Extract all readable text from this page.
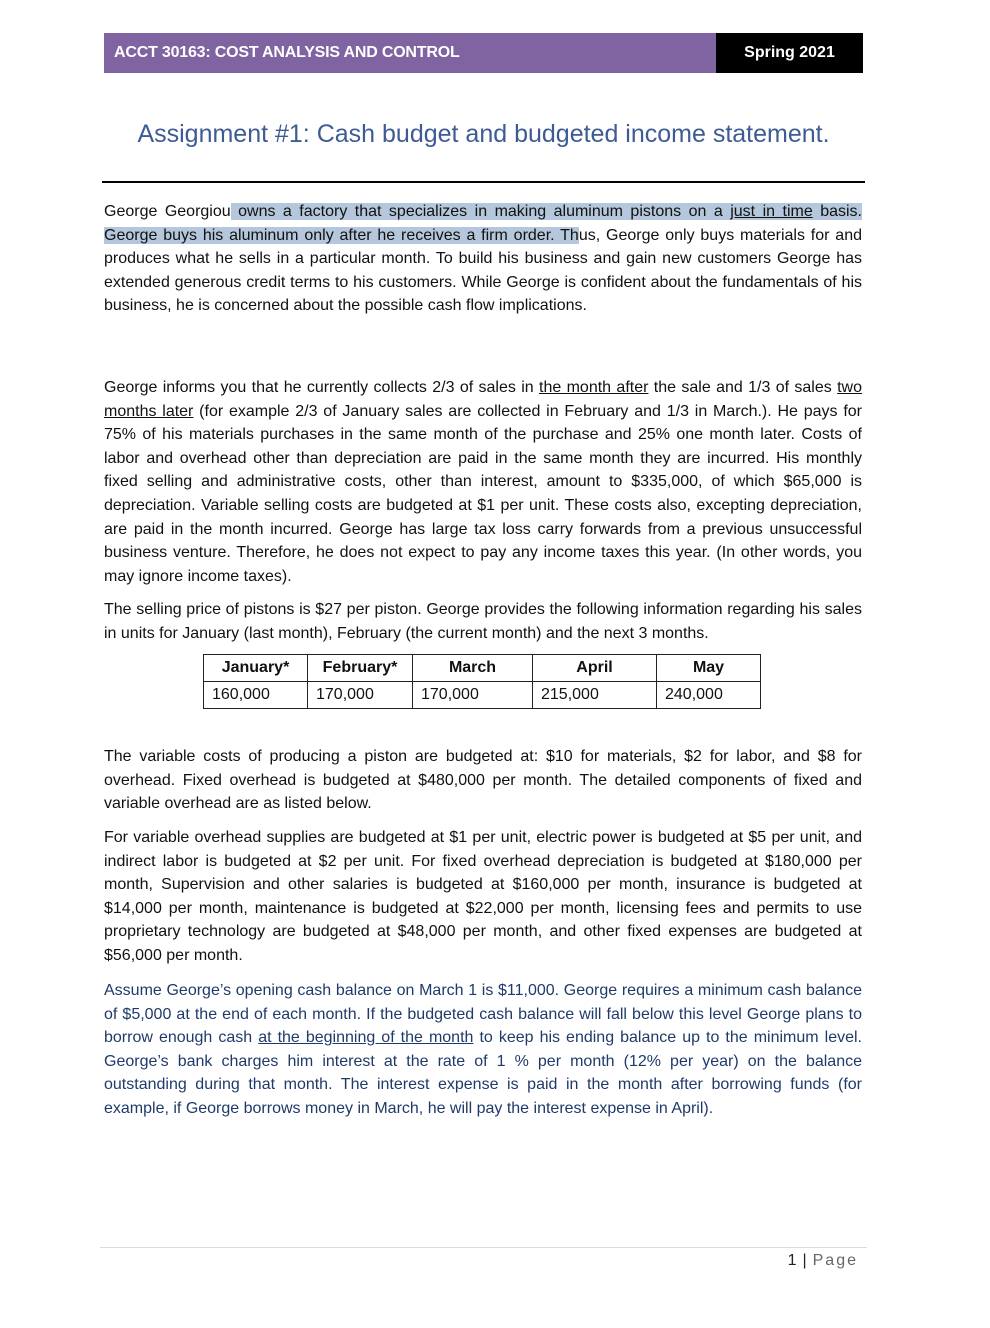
ACCT 30163: COST ANALYSIS AND CONTROL	Spring 2021
Assignment #1: Cash budget and budgeted income statement.

George Georgiou owns a factory that specializes in making aluminum pistons on a just in time basis. George buys his aluminum only after he receives a firm order. Thus, George only buys materials for and produces what he sells in a particular month. To build his business and gain new customers George has extended generous credit terms to his customers. While George is confident about the fundamentals of his business, he is concerned about the possible cash flow implications.

George informs you that he currently collects 2/3 of sales in the month after the sale and 1/3 of sales two months later (for example 2/3 of January sales are collected in February and 1/3 in March.). He pays for 75% of his materials purchases in the same month of the purchase and 25% one month later. Costs of labor and overhead other than depreciation are paid in the same month they are incurred. His monthly fixed selling and administrative costs, other than interest, amount to $335,000, of which $65,000 is depreciation. Variable selling costs are budgeted at $1 per unit. These costs also, excepting depreciation, are paid in the month incurred. George has large tax loss carry forwards from a previous unsuccessful business venture. Therefore, he does not expect to pay any income taxes this year. (In other words, you may ignore income taxes).

The selling price of pistons is $27 per piston. George provides the following information regarding his sales in units for January (last month), February (the current month) and the next 3 months.

January*	February*	March	April	May
160,000	170,000	170,000	215,000	240,000

The variable costs of producing a piston are budgeted at: $10 for materials, $2 for labor, and $8 for overhead. Fixed overhead is budgeted at $480,000 per month. The detailed components of fixed and variable overhead are as listed below.

For variable overhead supplies are budgeted at $1 per unit, electric power is budgeted at $5 per unit, and indirect labor is budgeted at $2 per unit. For fixed overhead depreciation is budgeted at $180,000 per month, Supervision and other salaries is budgeted at $160,000 per month, insurance is budgeted at $14,000 per month, maintenance is budgeted at $22,000 per month, licensing fees and permits to use proprietary technology are budgeted at $48,000 per month, and other fixed expenses are budgeted at $56,000 per month.

Assume George’s opening cash balance on March 1 is $11,000. George requires a minimum cash balance of $5,000 at the end of each month. If the budgeted cash balance will fall below this level George plans to borrow enough cash at the beginning of the month to keep his ending balance up to the minimum level. George’s bank charges him interest at the rate of 1 % per month (12% per year) on the balance outstanding during that month. The interest expense is paid in the month after borrowing funds (for example, if George borrows money in March, he will pay the interest expense in April).

1 | Page
